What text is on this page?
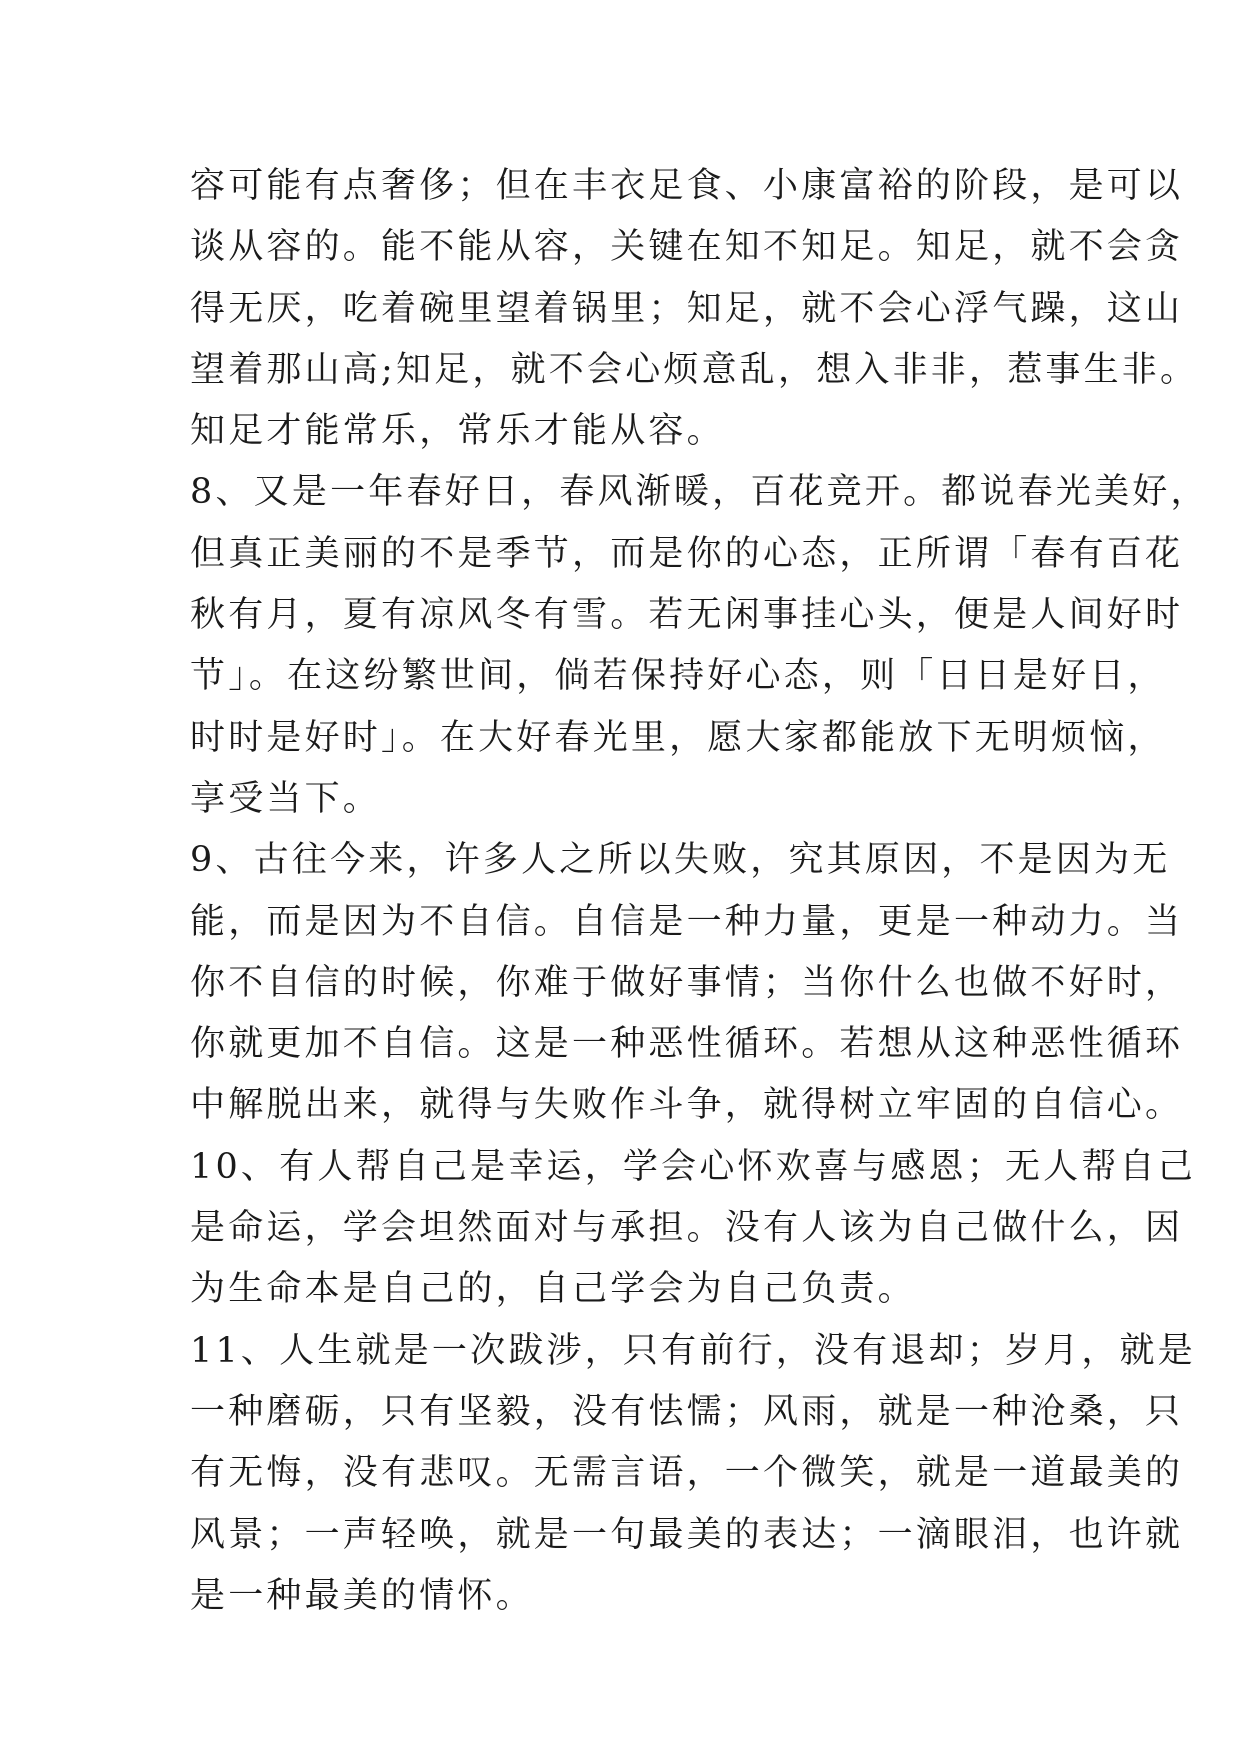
容可能有点奢侈；但在丰衣足食、小康富裕的阶段，是可以
谈从容的。能不能从容，关键在知不知足。知足，就不会贪
得无厌，吃着碗里望着锅里；知足，就不会心浮气躁，这山
望着那山高;知足，就不会心烦意乱，想入非非，惹事生非。
知足才能常乐，常乐才能从容。
8、又是一年春好日，春风渐暖，百花竞开。都说春光美好，
但真正美丽的不是季节，而是你的心态，正所谓「春有百花
秋有月，夏有凉风冬有雪。若无闲事挂心头，便是人间好时
节」。在这纷繁世间，倘若保持好心态，则「日日是好日，
时时是好时」。在大好春光里，愿大家都能放下无明烦恼，
享受当下。
9、古往今来，许多人之所以失败，究其原因，不是因为无
能，而是因为不自信。自信是一种力量，更是一种动力。当
你不自信的时候，你难于做好事情；当你什么也做不好时，
你就更加不自信。这是一种恶性循环。若想从这种恶性循环
中解脱出来，就得与失败作斗争，就得树立牢固的自信心。
10、有人帮自己是幸运，学会心怀欢喜与感恩；无人帮自己
是命运，学会坦然面对与承担。没有人该为自己做什么，因
为生命本是自己的，自己学会为自己负责。
11、人生就是一次跋涉，只有前行，没有退却；岁月，就是
一种磨砺，只有坚毅，没有怯懦；风雨，就是一种沧桑，只
有无悔，没有悲叹。无需言语，一个微笑，就是一道最美的
风景；一声轻唤，就是一句最美的表达；一滴眼泪，也许就
是一种最美的情怀。
